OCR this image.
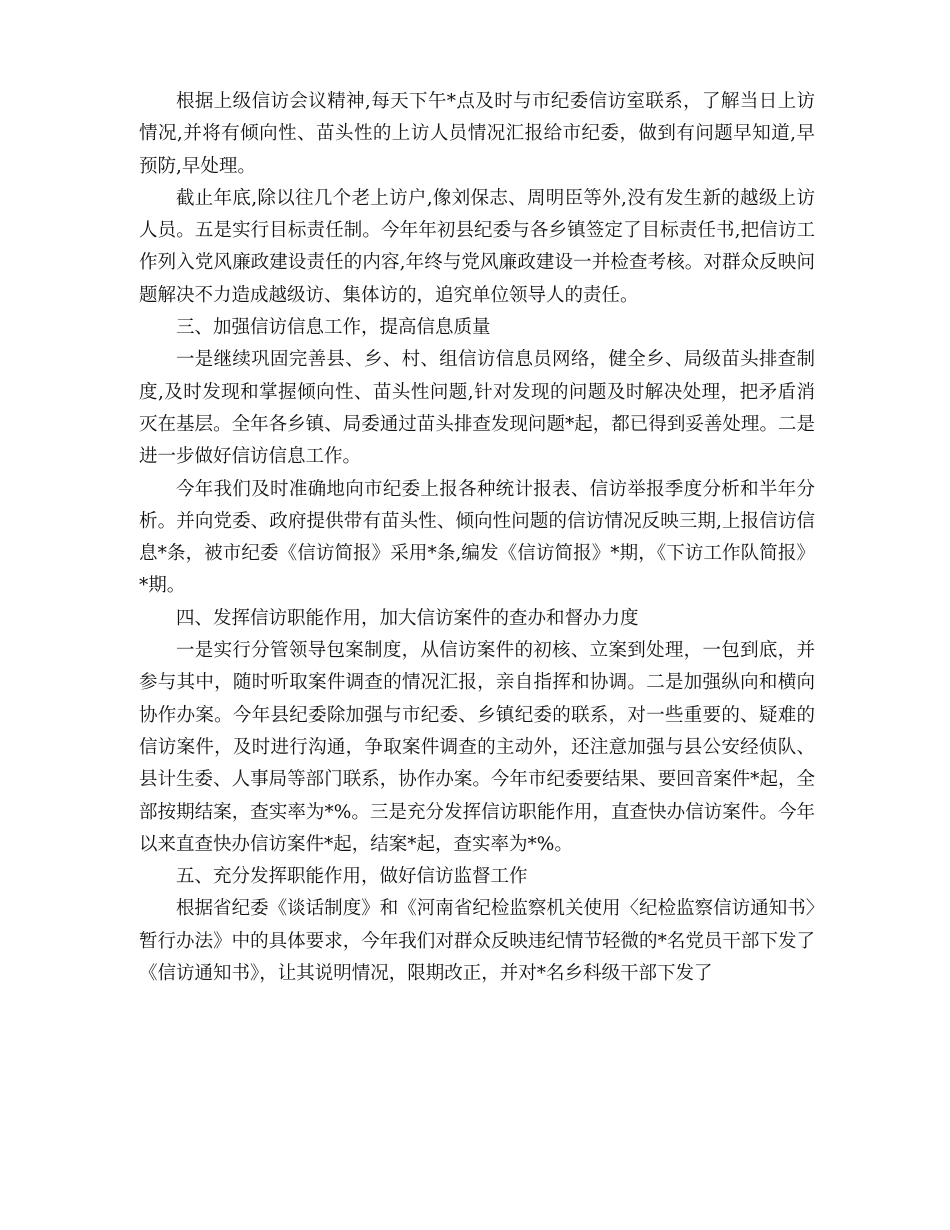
根据上级信访会议精神,每天下午*点及时与市纪委信访室联系，了解当日上访情况,并将有倾向性、苗头性的上访人员情况汇报给市纪委，做到有问题早知道,早预防,早处理。

截止年底,除以往几个老上访户,像刘保志、周明臣等外,没有发生新的越级上访人员。五是实行目标责任制。今年年初县纪委与各乡镇签定了目标责任书,把信访工作列入党风廉政建设责任的内容,年终与党风廉政建设一并检查考核。对群众反映问题解决不力造成越级访、集体访的，追究单位领导人的责任。

三、加强信访信息工作，提高信息质量

一是继续巩固完善县、乡、村、组信访信息员网络，健全乡、局级苗头排查制度,及时发现和掌握倾向性、苗头性问题,针对发现的问题及时解决处理，把矛盾消灭在基层。全年各乡镇、局委通过苗头排查发现问题*起，都已得到妥善处理。二是进一步做好信访信息工作。

今年我们及时准确地向市纪委上报各种统计报表、信访举报季度分析和半年分析。并向党委、政府提供带有苗头性、倾向性问题的信访情况反映三期,上报信访信息*条，被市纪委《信访简报》采用*条,编发《信访简报》*期，《下访工作队简报》*期。

四、发挥信访职能作用，加大信访案件的查办和督办力度

一是实行分管领导包案制度，从信访案件的初核、立案到处理，一包到底，并参与其中，随时听取案件调查的情况汇报，亲自指挥和协调。二是加强纵向和横向协作办案。今年县纪委除加强与市纪委、乡镇纪委的联系，对一些重要的、疑难的信访案件，及时进行沟通，争取案件调查的主动外，还注意加强与县公安经侦队、县计生委、人事局等部门联系，协作办案。今年市纪委要结果、要回音案件*起，全部按期结案，查实率为*%。三是充分发挥信访职能作用，直查快办信访案件。今年以来直查快办信访案件*起，结案*起，查实率为*%。

五、充分发挥职能作用，做好信访监督工作

根据省纪委《谈话制度》和《河南省纪检监察机关使用〈纪检监察信访通知书〉暂行办法》中的具体要求，今年我们对群众反映违纪情节轻微的*名党员干部下发了《信访通知书》，让其说明情况，限期改正，并对*名乡科级干部下发了
